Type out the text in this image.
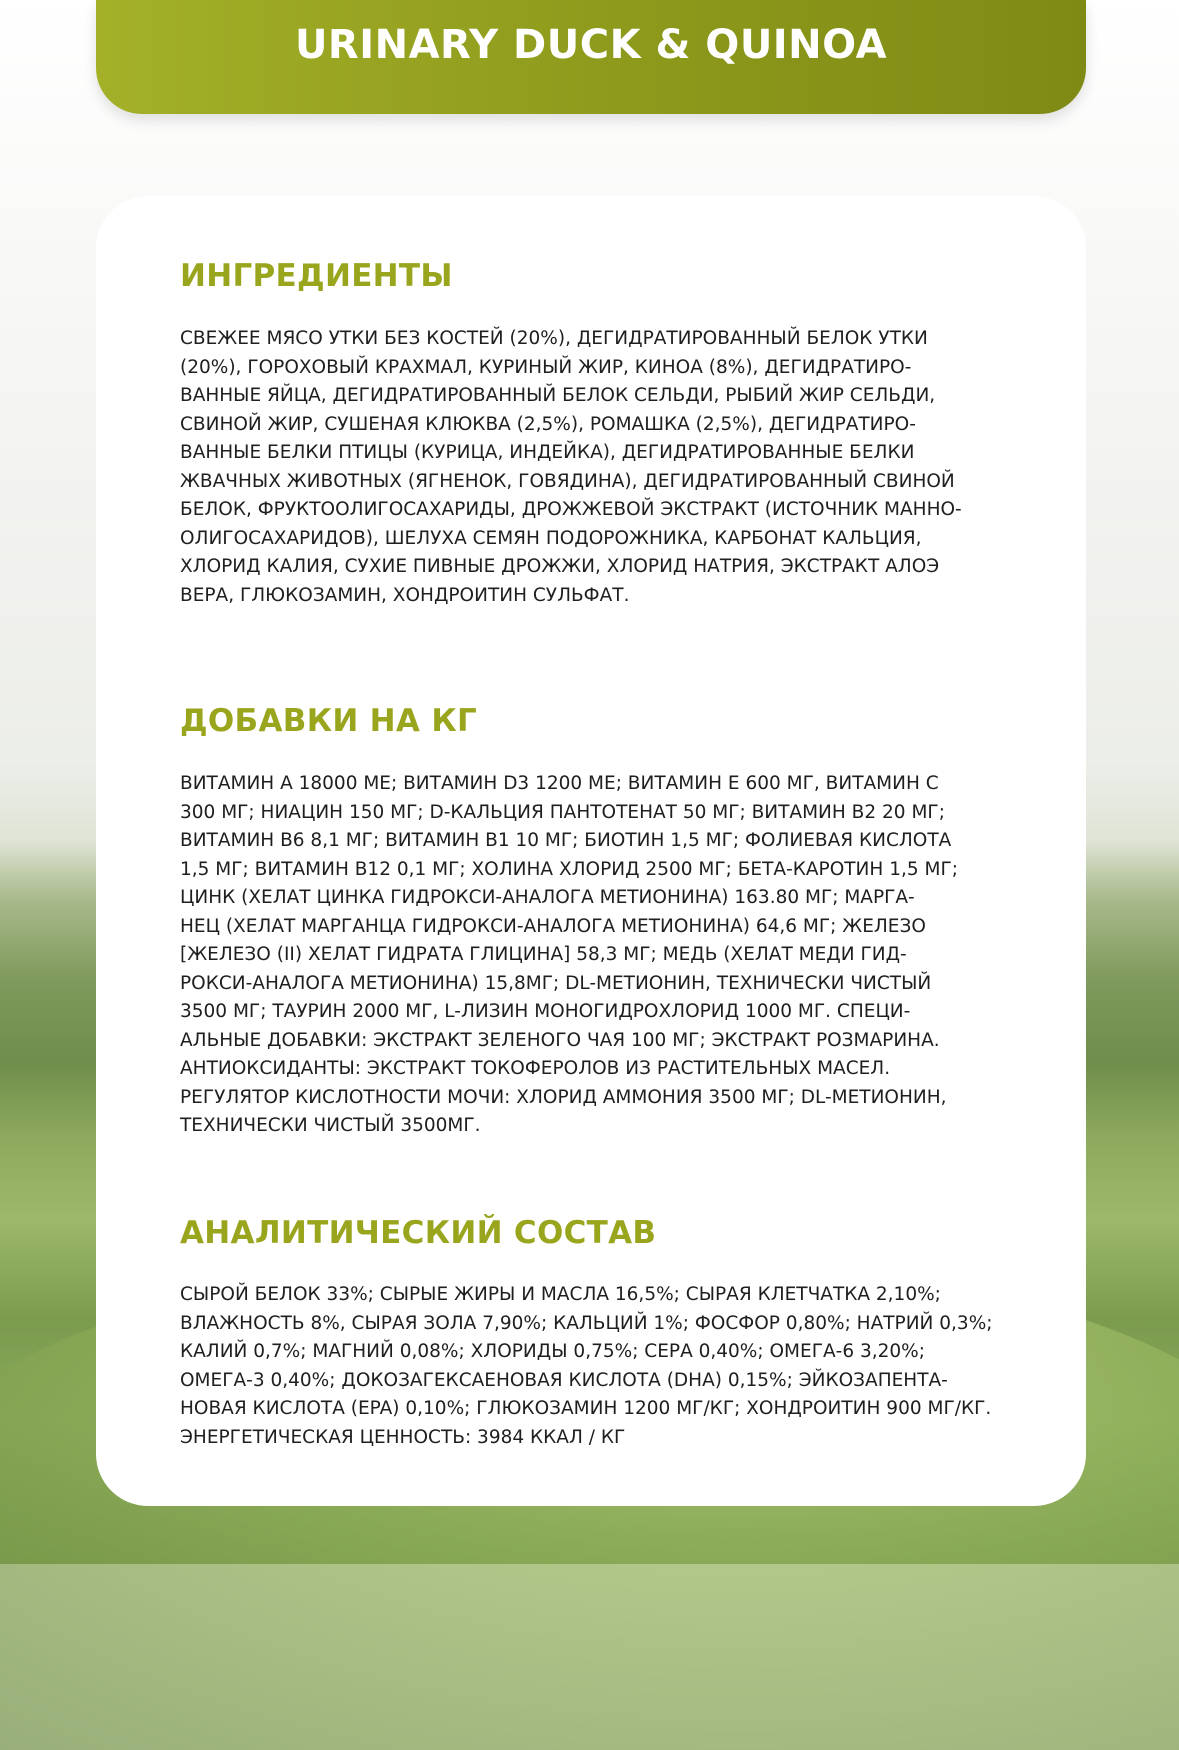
URINARY DUCK & QUINOA
ИНГРЕДИЕНТЫ
СВЕЖЕЕ МЯСО УТКИ БЕЗ КОСТЕЙ (20%), ДЕГИДРАТИРОВАННЫЙ БЕЛОК УТКИ
(20%), ГОРОХОВЫЙ КРАХМАЛ, КУРИНЫЙ ЖИР, КИНОА (8%), ДЕГИДРАТИРО-
ВАННЫЕ ЯЙЦА, ДЕГИДРАТИРОВАННЫЙ БЕЛОК СЕЛЬДИ, РЫБИЙ ЖИР СЕЛЬДИ,
СВИНОЙ ЖИР, СУШЕНАЯ КЛЮКВА (2,5%), РОМАШКА (2,5%), ДЕГИДРАТИРО-
ВАННЫЕ БЕЛКИ ПТИЦЫ (КУРИЦА, ИНДЕЙКА), ДЕГИДРАТИРОВАННЫЕ БЕЛКИ
ЖВАЧНЫХ ЖИВОТНЫХ (ЯГНЕНОК, ГОВЯДИНА), ДЕГИДРАТИРОВАННЫЙ СВИНОЙ
БЕЛОК, ФРУКТООЛИГОСАХАРИДЫ, ДРОЖЖЕВОЙ ЭКСТРАКТ (ИСТОЧНИК МАННО-
ОЛИГОСАХАРИДОВ), ШЕЛУХА СЕМЯН ПОДОРОЖНИКА, КАРБОНАТ КАЛЬЦИЯ,
ХЛОРИД КАЛИЯ, СУХИЕ ПИВНЫЕ ДРОЖЖИ, ХЛОРИД НАТРИЯ, ЭКСТРАКТ АЛОЭ
ВЕРА, ГЛЮКОЗАМИН, ХОНДРОИТИН СУЛЬФАТ.
ДОБАВКИ НА КГ
ВИТАМИН А 18000 МЕ; ВИТАМИН D3 1200 МЕ; ВИТАМИН Е 600 МГ, ВИТАМИН С
300 МГ; НИАЦИН 150 МГ; D-КАЛЬЦИЯ ПАНТОТЕНАТ 50 МГ; ВИТАМИН В2 20 МГ;
ВИТАМИН В6 8,1 МГ; ВИТАМИН В1 10 МГ; БИОТИН 1,5 МГ; ФОЛИЕВАЯ КИСЛОТА
1,5 МГ; ВИТАМИН В12 0,1 МГ; ХОЛИНА ХЛОРИД 2500 МГ; БЕТА-КАРОТИН 1,5 МГ;
ЦИНК (ХЕЛАТ ЦИНКА ГИДРОКСИ-АНАЛОГА МЕТИОНИНА) 163.80 МГ; МАРГА-
НЕЦ (ХЕЛАТ МАРГАНЦА ГИДРОКСИ-АНАЛОГА МЕТИОНИНА) 64,6 МГ; ЖЕЛЕЗО
[ЖЕЛЕЗО (II) ХЕЛАТ ГИДРАТА ГЛИЦИНА] 58,3 МГ; МЕДЬ (ХЕЛАТ МЕДИ ГИД-
РОКСИ-АНАЛОГА МЕТИОНИНА) 15,8МГ; DL-МЕТИОНИН, ТЕХНИЧЕСКИ ЧИСТЫЙ
3500 МГ; ТАУРИН 2000 МГ, L-ЛИЗИН МОНОГИДРОХЛОРИД 1000 МГ. СПЕЦИ-
АЛЬНЫЕ ДОБАВКИ: ЭКСТРАКТ ЗЕЛЕНОГО ЧАЯ 100 МГ; ЭКСТРАКТ РОЗМАРИНА.
АНТИОКСИДАНТЫ: ЭКСТРАКТ ТОКОФЕРОЛОВ ИЗ РАСТИТЕЛЬНЫХ МАСЕЛ.
РЕГУЛЯТОР КИСЛОТНОСТИ МОЧИ: ХЛОРИД АММОНИЯ 3500 МГ; DL-МЕТИОНИН,
ТЕХНИЧЕСКИ ЧИСТЫЙ 3500МГ.
АНАЛИТИЧЕСКИЙ СОСТАВ
СЫРОЙ БЕЛОК 33%; СЫРЫЕ ЖИРЫ И МАСЛА 16,5%; СЫРАЯ КЛЕТЧАТКА 2,10%;
ВЛАЖНОСТЬ 8%, СЫРАЯ ЗОЛА 7,90%; КАЛЬЦИЙ 1%; ФОСФОР 0,80%; НАТРИЙ 0,3%;
КАЛИЙ 0,7%; МАГНИЙ 0,08%; ХЛОРИДЫ 0,75%; СЕРА 0,40%; ОМЕГА-6 3,20%;
ОМЕГА-3 0,40%; ДОКОЗАГЕКСАЕНОВАЯ КИСЛОТА (DHA) 0,15%; ЭЙКОЗАПЕНТА-
НОВАЯ КИСЛОТА (EPA) 0,10%; ГЛЮКОЗАМИН 1200 МГ/КГ; ХОНДРОИТИН 900 МГ/КГ.
ЭНЕРГЕТИЧЕСКАЯ ЦЕННОСТЬ: 3984 ККАЛ / КГ
